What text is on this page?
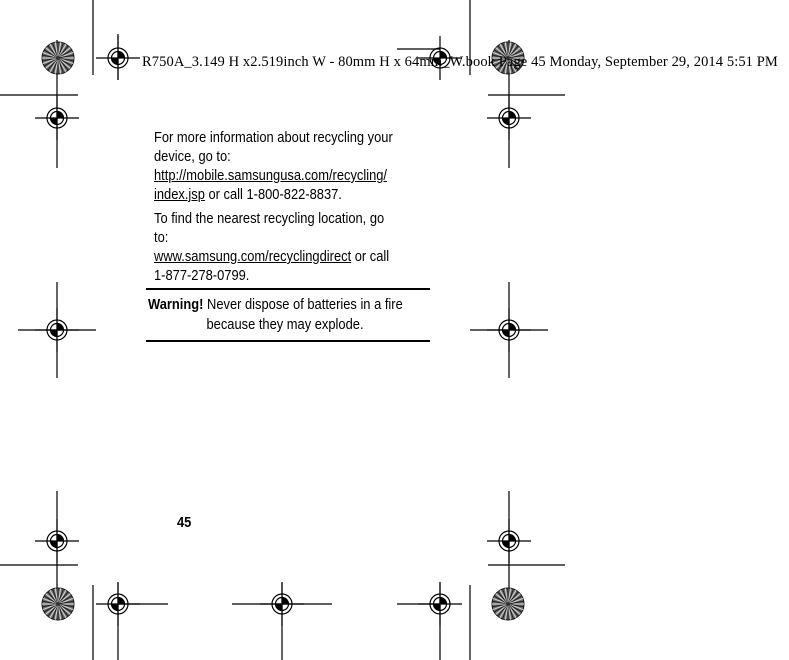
R750A_3.149 H x2.519inch W - 80mm H x 64mm_W.book Page 45 Monday, September 29, 2014 5:51 PM

For more information about recycling your device, go to:
http://mobile.samsungusa.com/recycling/
index.jsp or call 1-800-822-8837.

To find the nearest recycling location, go to:
www.samsung.com/recyclingdirect or call 1-877-278-0799.

Warning! Never dispose of batteries in a fire
because they may explode.
45
